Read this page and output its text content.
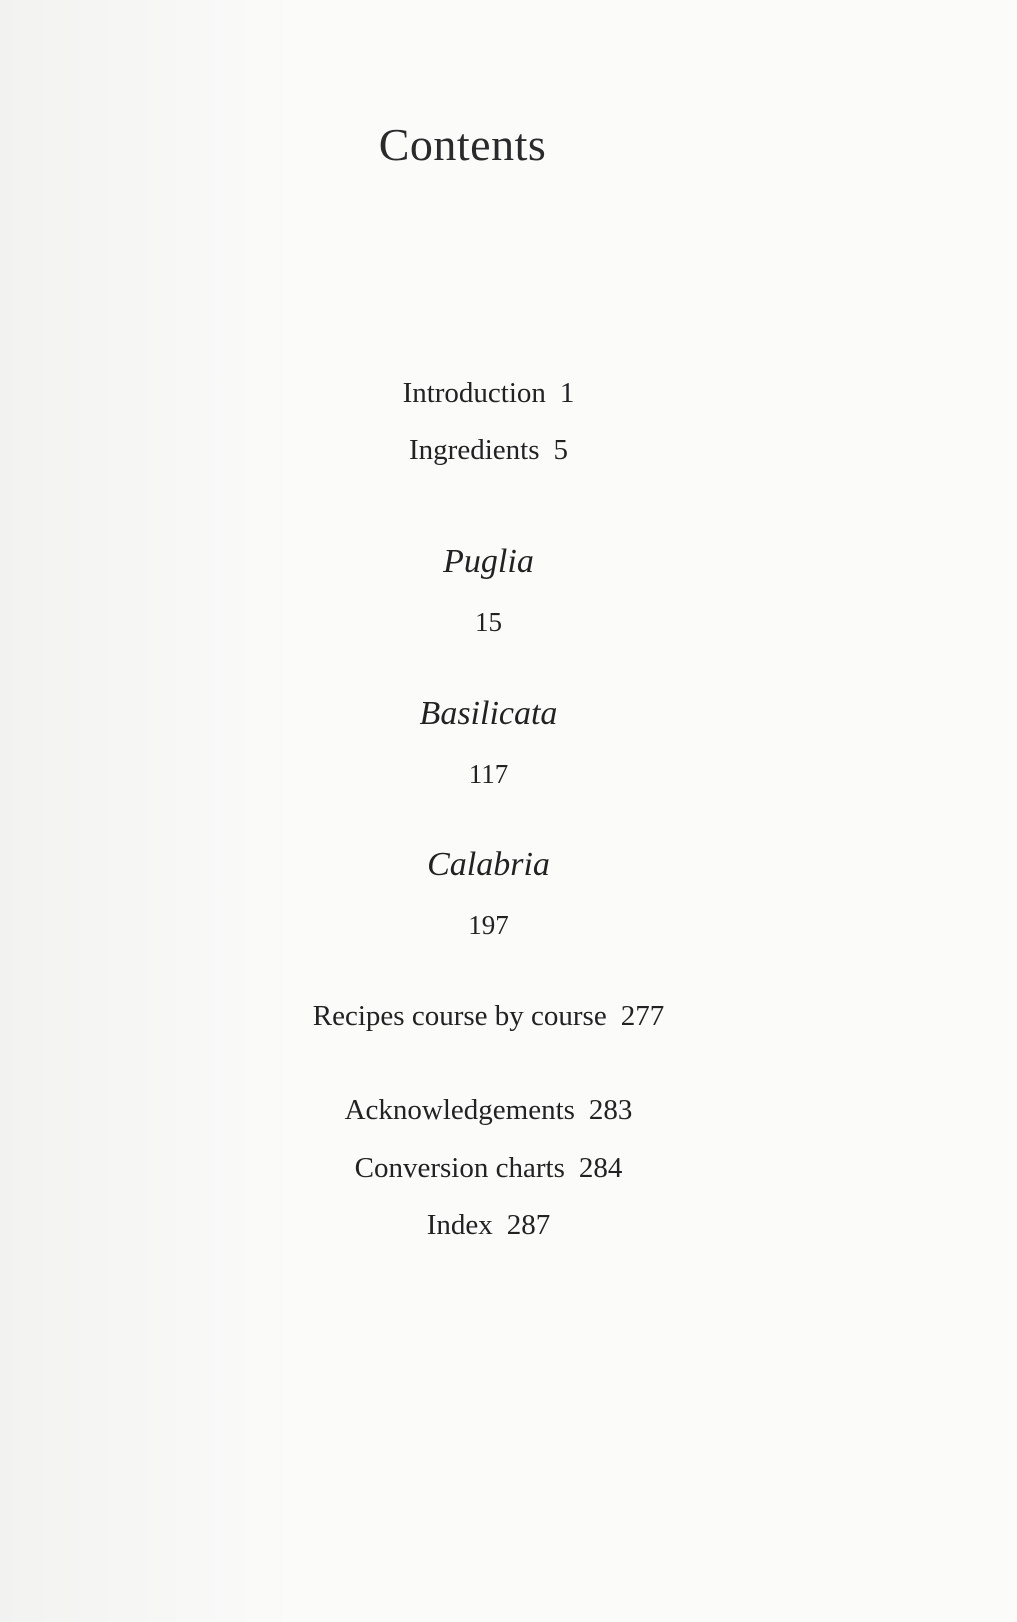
Contents
Introduction 1
Ingredients 5
Puglia
15
Basilicata
117
Calabria
197
Recipes course by course 277
Acknowledgements 283
Conversion charts 284
Index 287
